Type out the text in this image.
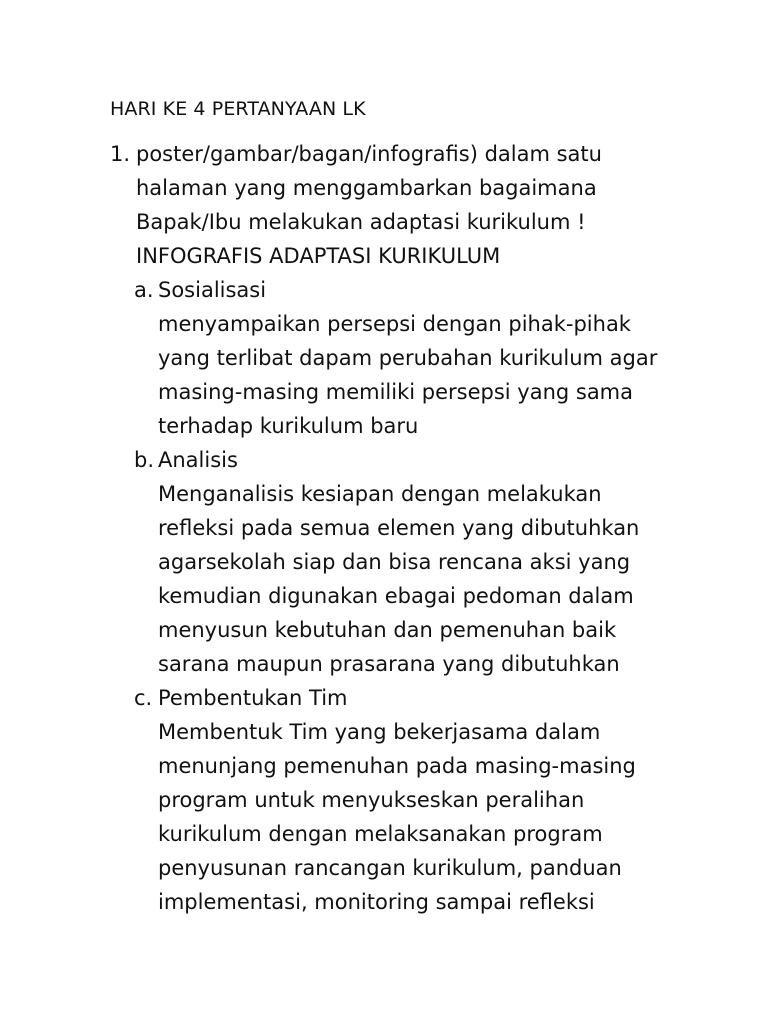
HARI KE 4 PERTANYAAN LK
1. poster/gambar/bagan/infografis) dalam satu
halaman yang menggambarkan bagaimana
Bapak/Ibu melakukan adaptasi kurikulum !
INFOGRAFIS ADAPTASI KURIKULUM
a. Sosialisasi
menyampaikan persepsi dengan pihak-pihak
yang terlibat dapam perubahan kurikulum agar
masing-masing memiliki persepsi yang sama
terhadap kurikulum baru
b. Analisis
Menganalisis kesiapan dengan melakukan
refleksi pada semua elemen yang dibutuhkan
agarsekolah siap dan bisa rencana aksi yang
kemudian digunakan ebagai pedoman dalam
menyusun kebutuhan dan pemenuhan baik
sarana maupun prasarana yang dibutuhkan
c. Pembentukan Tim
Membentuk Tim yang bekerjasama dalam
menunjang pemenuhan pada masing-masing
program untuk menyukseskan peralihan
kurikulum dengan melaksanakan program
penyusunan rancangan kurikulum, panduan
implementasi, monitoring sampai refleksi
